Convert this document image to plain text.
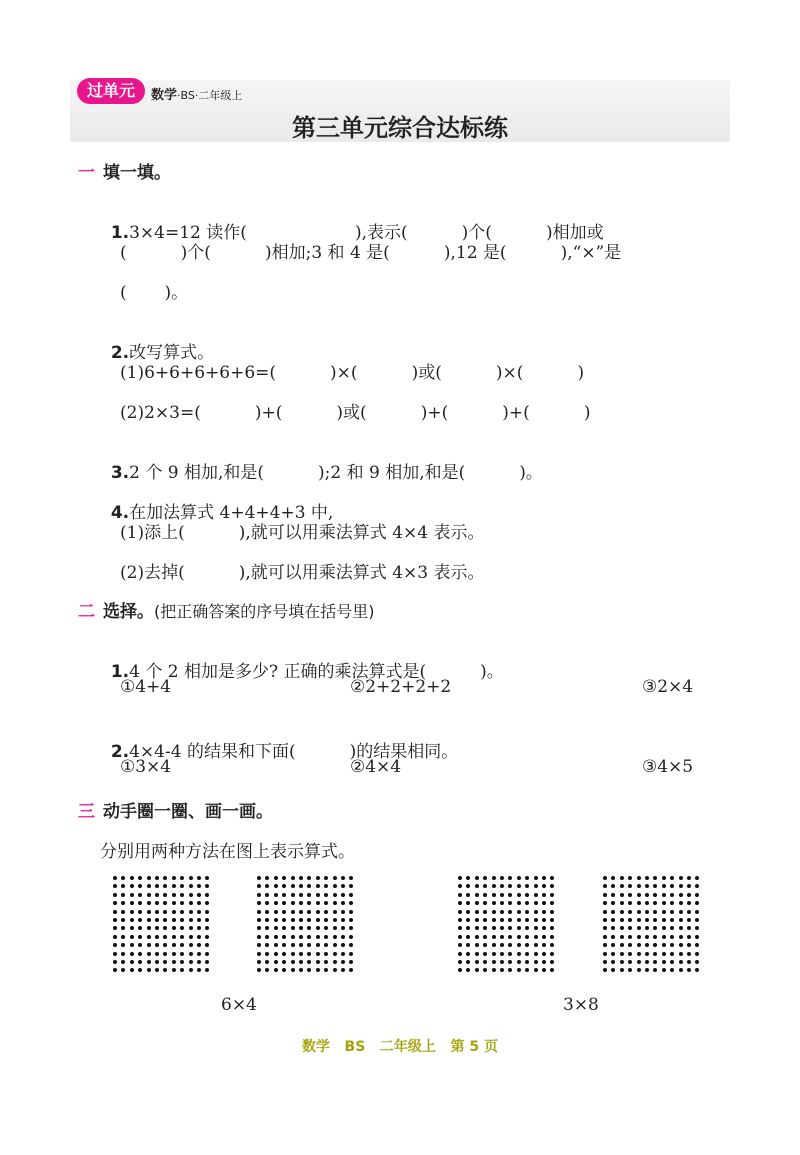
过单元	数学·BS·二年级上
第三单元综合达标练
一 填一填。

1.3×4=12 读作(                    ),表示(          )个(          )相加或

(          )个(          )相加;3 和 4 是(          ),12 是(          ),“×”是
(       )。

2.改写算式。

(1)6+6+6+6+6=(          )×(          )或(          )×(          )
(2)2×3=(          )+(          )或(          )+(          )+(          )

3.2 个 9 相加,和是(          );2 和 9 相加,和是(          )。

4.在加法算式 4+4+4+3 中,

(1)添上(          ),就可以用乘法算式 4×4 表示。
(2)去掉(          ),就可以用乘法算式 4×3 表示。
二 选择。(把正确答案的序号填在括号里)

1.4 个 2 相加是多少? 正确的乘法算式是(          )。

①4+4	②2+2+2+2	③2×4

2.4×4-4 的结果和下面(          )的结果相同。

①3×4	②4×4	③4×5
三 动手圈一圈、画一画。
分别用两种方法在图上表示算式。
6×4	3×8
数学   BS   二年级上   第 5 页
